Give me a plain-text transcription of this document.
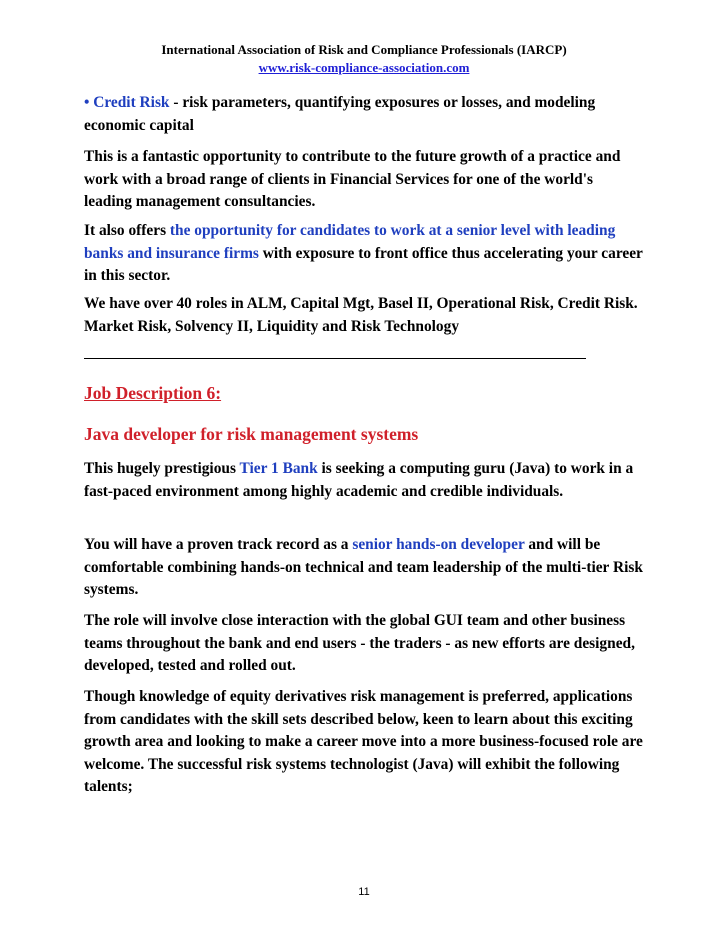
International Association of Risk and Compliance Professionals (IARCP)
www.risk-compliance-association.com

• Credit Risk - risk parameters, quantifying exposures or losses, and modeling economic capital

This is a fantastic opportunity to contribute to the future growth of a practice and work with a broad range of clients in Financial Services for one of the world's leading management consultancies.

It also offers the opportunity for candidates to work at a senior level with leading banks and insurance firms with exposure to front office thus accelerating your career in this sector.

We have over 40 roles in ALM, Capital Mgt, Basel II, Operational Risk, Credit Risk. Market Risk, Solvency II, Liquidity and Risk Technology

Job Description 6:
Java developer for risk management systems

This hugely prestigious Tier 1 Bank is seeking a computing guru (Java) to work in a fast-paced environment among highly academic and credible individuals.

You will have a proven track record as a senior hands-on developer and will be comfortable combining hands-on technical and team leadership of the multi-tier Risk systems.

The role will involve close interaction with the global GUI team and other business teams throughout the bank and end users - the traders - as new efforts are designed, developed, tested and rolled out.

Though knowledge of equity derivatives risk management is preferred, applications from candidates with the skill sets described below, keen to learn about this exciting growth area and looking to make a career move into a more business-focused role are welcome. The successful risk systems technologist (Java) will exhibit the following talents;

11
